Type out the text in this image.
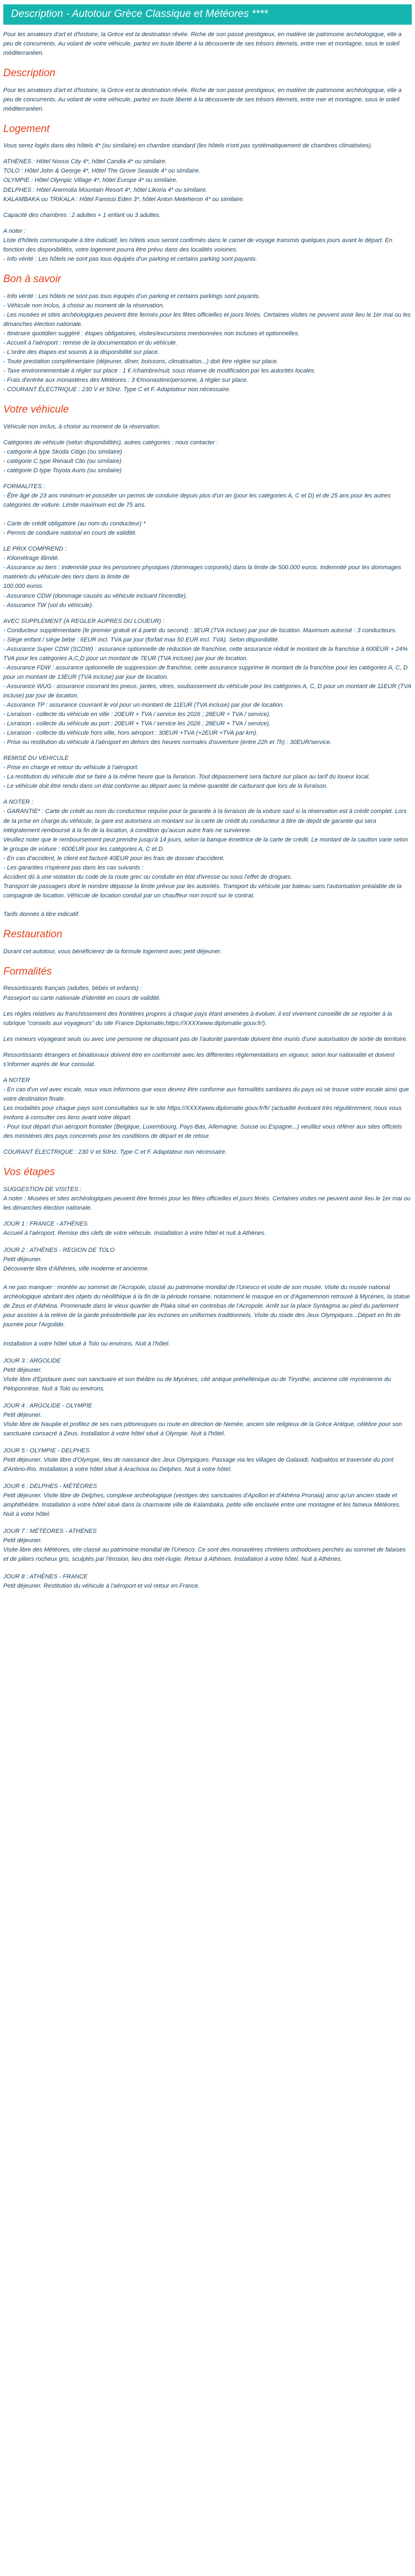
Description - Autotour Grèce Classique et Météores ****

Pour les amateurs d'art et d'histoire, la Grèce est la destination rêvée. Riche de son passé prestigieux, en matière de patrimoine archéologique, elle a peu de concurrents. Au volant de votre véhicule, partez en toute liberté à la découverte de ses trésors éternels, entre mer et montagne, sous le soleil méditerranéen.

Description

Pour les amateurs d'art et d'histoire, la Grèce est la destination rêvée. Riche de son passé prestigieux, en matière de patrimoine archéologique, elle a peu de concurrents. Au volant de votre véhicule, partez en toute liberté à la découverte de ses trésors éternels, entre mer et montagne, sous le soleil méditerranéen.

Logement

Vous serez logés dans des hôtels 4* (ou similaire) en chambre standard (les hôtels n'ont pas systématiquement de chambres climatisées).

ATHÈNES : Hôtel Novus City 4*, hôtel Candia 4* ou similaire.

TOLO : Hôtel John & George 4*, Hôtel The Grove Seaside 4* ou similaire.

OLYMPIE : Hôtel Olympic Village 4*, hôtel Europe 4* ou similaire.

DELPHES : Hôtel Anemolia Mountain Resort 4*, hôtel Likoria 4* ou similaire.

KALAMBAKA ou TRIKALA : Hôtel Famissi Eden 3*, hôtel Anton Meteheron 4* ou similaire.

Capacité des chambres : 2 adultes + 1 enfant ou 3 adultes.

A noter :

Liste d'hôtels communiquée à titre indicatif, les hôtels vous seront confirmés dans le carnet de voyage transmis quelques jours avant le départ. En fonction des disponibilités, votre logement pourra être prévu dans des localités voisines.

- Info vérité : Les hôtels ne sont pas tous équipés d'un parking et certains parking sont payants.

Bon à savoir

- Info vérité : Les hôtels ne sont pas tous équipés d'un parking et certains parkings sont payants.

- Véhicule non inclus, à choisir au moment de la réservation.

- Les musées et sites archéologiques peuvent être fermés pour les fêtes officielles et jours fériés. Certaines visites ne peuvent avoir lieu le 1er mai ou les dimanches élection nationale.

- Itinéraire quotidien suggéré : étapes obligatoires, visites/excursions mentionnées non incluses et optionnelles.

- Accueil à l'aéroport : remise de la documentation et du véhicule.

- L'ordre des étapes est soumis à la disponibilité sur place.

- Toute prestation complémentaire (déjeuner, dîner, boissons, climatisation...) doit être réglée sur place.

- Taxe environnementale à régler sur place : 1 € /chambre/nuit, sous réserve de modification par les autorités locales.

- Frais d'entrée aux monastères des Météores : 3 €/monastère/personne, à régler sur place.

- COURANT ÉLECTRIQUE : 230 V et 50Hz. Type C et F. Adaptateur non nécessaire.

Votre véhicule

Véhicule non inclus, à choisir au moment de la réservation.

Catégories de véhicule (selon disponibilités), autres catégories : nous contacter :

- catégorie A type Skoda Citigo (ou similaire)

- catégorie C type Renault Clio (ou similaire)

- catégorie D type Toyota Auris (ou similaire)

FORMALITES :

- Être âgé de 23 ans minimum et posséder un permis de conduire depuis plus d'un an (pour les catégories A, C et D) et de 25 ans pour les autres catégories de voiture. Limite maximum est de 75 ans.

- Carte de crédit obligatoire (au nom du conducteur) *

- Permis de conduire national en cours de validité.

LE PRIX COMPREND :

- Kilométrage illimité.

- Assurance au tiers : indemnité pour les personnes physiques (dommages corporels) dans la limite de 500.000 euros. Indemnité pour les dommages matériels du véhicule des tiers dans la limite de

100.000 euros.

- Assurance CDW (dommage causés au véhicule incluant l'incendie).

- Assurance TW (vol du véhicule).

AVEC SUPPLEMENT (A REGLER AUPRES DU LOUEUR) :

- Conducteur supplémentaire (le premier gratuit et à partir du second) : 3EUR (TVA incluse) par jour de location. Maximum autorisé : 3 conducteurs.

- Siège enfant / siège bébé : 6EUR incl. TVA par jour (forfait max 50 EUR incl. TVA). Selon disponibilité.

- Assurance Super CDW (SCDW) : assurance optionnelle de réduction de franchise, cette assurance réduit le montant de la franchise à 600EUR + 24% TVA pour les catégories A,C,D pour un montant de 7EUR (TVA incluse) par jour de location.

- Assurance FDW : assurance optionnelle de suppression de franchise, cette assurance supprime le montant de la franchise pour les catégories A, C, D pour un montant de 13EUR (TVA incluse) par jour de location.

- Assurance WUG : assurance couvrant les pneus, jantes, vitres, soubassement du véhicule pour les catégories A, C, D pour un montant de 11EUR (TVA incluse) par jour de location.

- Assurance TP : assurance couvrant le vol pour un montant de 11EUR (TVA incluse) par jour de location.

- Livraison - collecte du véhicule en ville : 20EUR + TVA / service les 2026 ; 28EUR + TVA / service).

- Livraison - collecte du véhicule au port : 20EUR + TVA / service les 2026 ; 28EUR + TVA / service).

- Livraison - collecte du véhicule hors ville, hors aéroport : 30EUR +TVA (+2EUR +TVA par km).

- Prise ou restitution du véhicule à l'aéroport en dehors des heures normales d'ouverture (entre 22h et 7h) : 30EUR/service.

REMISE DU VEHICULE

- Prise en charge et retour du véhicule à l'aéroport.

- La restitution du véhicule doit se faire à la même heure que la livraison. Tout dépassement sera facturé sur place au tarif du loueur local.

- Le véhicule doit être rendu dans un état conforme au départ avec la même quantité de carburant que lors de la livraison.

A NOTER :

- GARANTIE* : Carte de crédit au nom du conducteur requise pour la garantie à la livraison de la voiture sauf si la réservation est à crédit complet. Lors de la prise en charge du véhicule, la gare est autorisera un montant sur la carte de crédit du conducteur à titre de dépôt de garantie qui sera

intégralement remboursé à la fin de la location, à condition qu'aucun autre frais ne survienne.

Veuillez noter que le remboursement peut prendre jusqu'à 14 jours, selon la banque émettrice de la carte de crédit. Le montant de la caution varie selon le groupe de voiture : 600EUR pour les catégories A, C et D.

- En cas d'accident, le client est facturé 40EUR pour les frais de dossier d'accident.

- Les garanties n'opèrent pas dans les cas suivants :

Accident dû à une violation du code de la route grec ou conduite en état d'ivresse ou sous l'effet de drogues.

Transport de passagers dont le nombre dépasse la limite prévue par les autorités. Transport du véhicule par bateau sans l'autorisation préalable de la compagnie de location. Véhicule de location conduit par un chauffeur non inscrit sur le contrat.

Tarifs donnés à titre indicatif.

Restauration

Durant cet autotour, vous bénéficierez de la formule logement avec petit déjeuner.

Formalités

Ressortissants français (adultes, bébés et enfants) :
Passeport ou carte nationale d'identité en cours de validité.

Les règles relatives au franchissement des frontières propres à chaque pays étant amenées à évoluer, il est vivement conseillé de se reporter à la rubrique "conseils aux voyageurs" du site France Diplomatie,https://XXXXwww.diplomatie.gouv.fr/).

Les mineurs voyageant seuls ou avec une personne ne disposant pas de l'autorité parentale doivent être munis d'une autorisation de sortie de territoire.

Ressortissants étrangers et binationaux doivent être en conformité avec les différentes réglementations en vigueur, selon leur nationalité et doivent s'informer auprès de leur consulat.

A NOTER
- En cas d'un vol avec escale, nous vous informons que vous devrez être conforme aux formalités sanitaires du pays où se trouve votre escale ainsi que votre destination finale.
Les modalités pour chaque pays sont consultables sur le site https://XXXXwww.diplomatie.gouv.fr/fr/ (actualité évoluant très régulièrement, nous vous invitons à consulter ces liens avant votre départ.
- Pour tout départ d'un aéroport frontalier (Belgique, Luxembourg, Pays-Bas, Allemagne, Suisse ou Espagne...) veuillez vous référer aux sites officiels des ministères des pays concernés pour les conditions de départ et de retour.

COURANT ÉLECTRIQUE : 230 V et 50Hz. Type C et F. Adaptateur non nécessaire.

Vos étapes

SUGGESTION DE VISITES :
A noter : Musées et sites archéologiques peuvent être fermés pour les fêtes officielles et jours fériés. Certaines visites ne peuvent avoir lieu le 1er mai ou les dimanches élection nationale.

JOUR 1 : FRANCE - ATHÈNES

Accueil à l'aéroport. Remise des clefs de votre véhicule. Installation à votre hôtel et nuit à Athènes.

JOUR 2 : ATHÈNES - REGION DE TOLO

Petit déjeuner.
Découverte libre d'Athènes, ville moderne et ancienne.

A ne pas manquer : montée au sommet de l'Acropole, classé au patrimoine mondial de l'Unesco et visite de son musée. Visite du musée national archéologique abritant des objets du néolithique à la fin de la période romaine, notamment le masque en or d'Agamemnon retrouvé à Mycènes, la statue de Zeus et d'Athéna. Promenade dans le vieux quartier de Plaka situé en contrebas de l'Acropole. Arrêt sur la place Syntagma au pied du parlement pour assister à la relève de la garde présidentielle par les evzones en uniformes traditionnels. Visite du stade des Jeux Olympiques...Départ en fin de journée pour l'Argolide.

Installation à votre hôtel situé à Tolo ou environs. Nuit à l'hôtel.

JOUR 3 : ARGOLIDE

Petit déjeuner.
Visite libre d'Epidaure avec son sanctuaire et son théâtre ou de Mycènes, cité antique préhellénique ou de Tirynthe, ancienne cité mycénienne du Péloponnèse. Nuit à Tolo ou environs.

JOUR 4 : ARGOLIDE - OLYMPIE

Petit déjeuner.
Visite libre de Nauplie et profitez de ses rues pittoresques ou route en direction de Nemée, ancien site religieux de la Grèce Antique, célèbre pour son sanctuaire consacré à Zeus. Installation à votre hôtel situé à Olympie. Nuit à l'hôtel.

JOUR 5 : OLYMPIE - DELPHES

Petit déjeuner. Visite libre d'Olympie, lieu de naissance des Jeux Olympiques. Passage via les villages de Galaxidi, Nafpaktos et traversée du pont d'Antirio-Rio. Installation à votre hôtel situé à Arachova ou Delphes. Nuit à votre hôtel.

JOUR 6 : DELPHES - MÉTÉORES

Petit déjeuner. Visite libre de Delphes, complexe archéologique (vestiges des sanctuaires d'Apollon et d'Athéna Pronaia) ainsi qu'un ancien stade et amphithéâtre. Installation à votre hôtel situé dans la charmante ville de Kalambaka, petite ville enclavée entre une montagne et les fameux Météores. Nuit à votre hôtel.

JOUR 7 : MÉTÉORES - ATHÈNES

Petit déjeuner.
Visite libre des Météores, site classé au patrimoine mondial de l'Unesco. Ce sont des monastères chrétiens orthodoxes perchés au sommet de falaises et de piliers rocheux gris, sculptés par l'érosion, lieu des mèt-rlugie. Retour à Athènes. Installation à votre hôtel. Nuit à Athènes.

JOUR 8 : ATHÈNES - FRANCE

Petit déjeuner. Restitution du véhicule à l'aéroport et vol retour en France.
